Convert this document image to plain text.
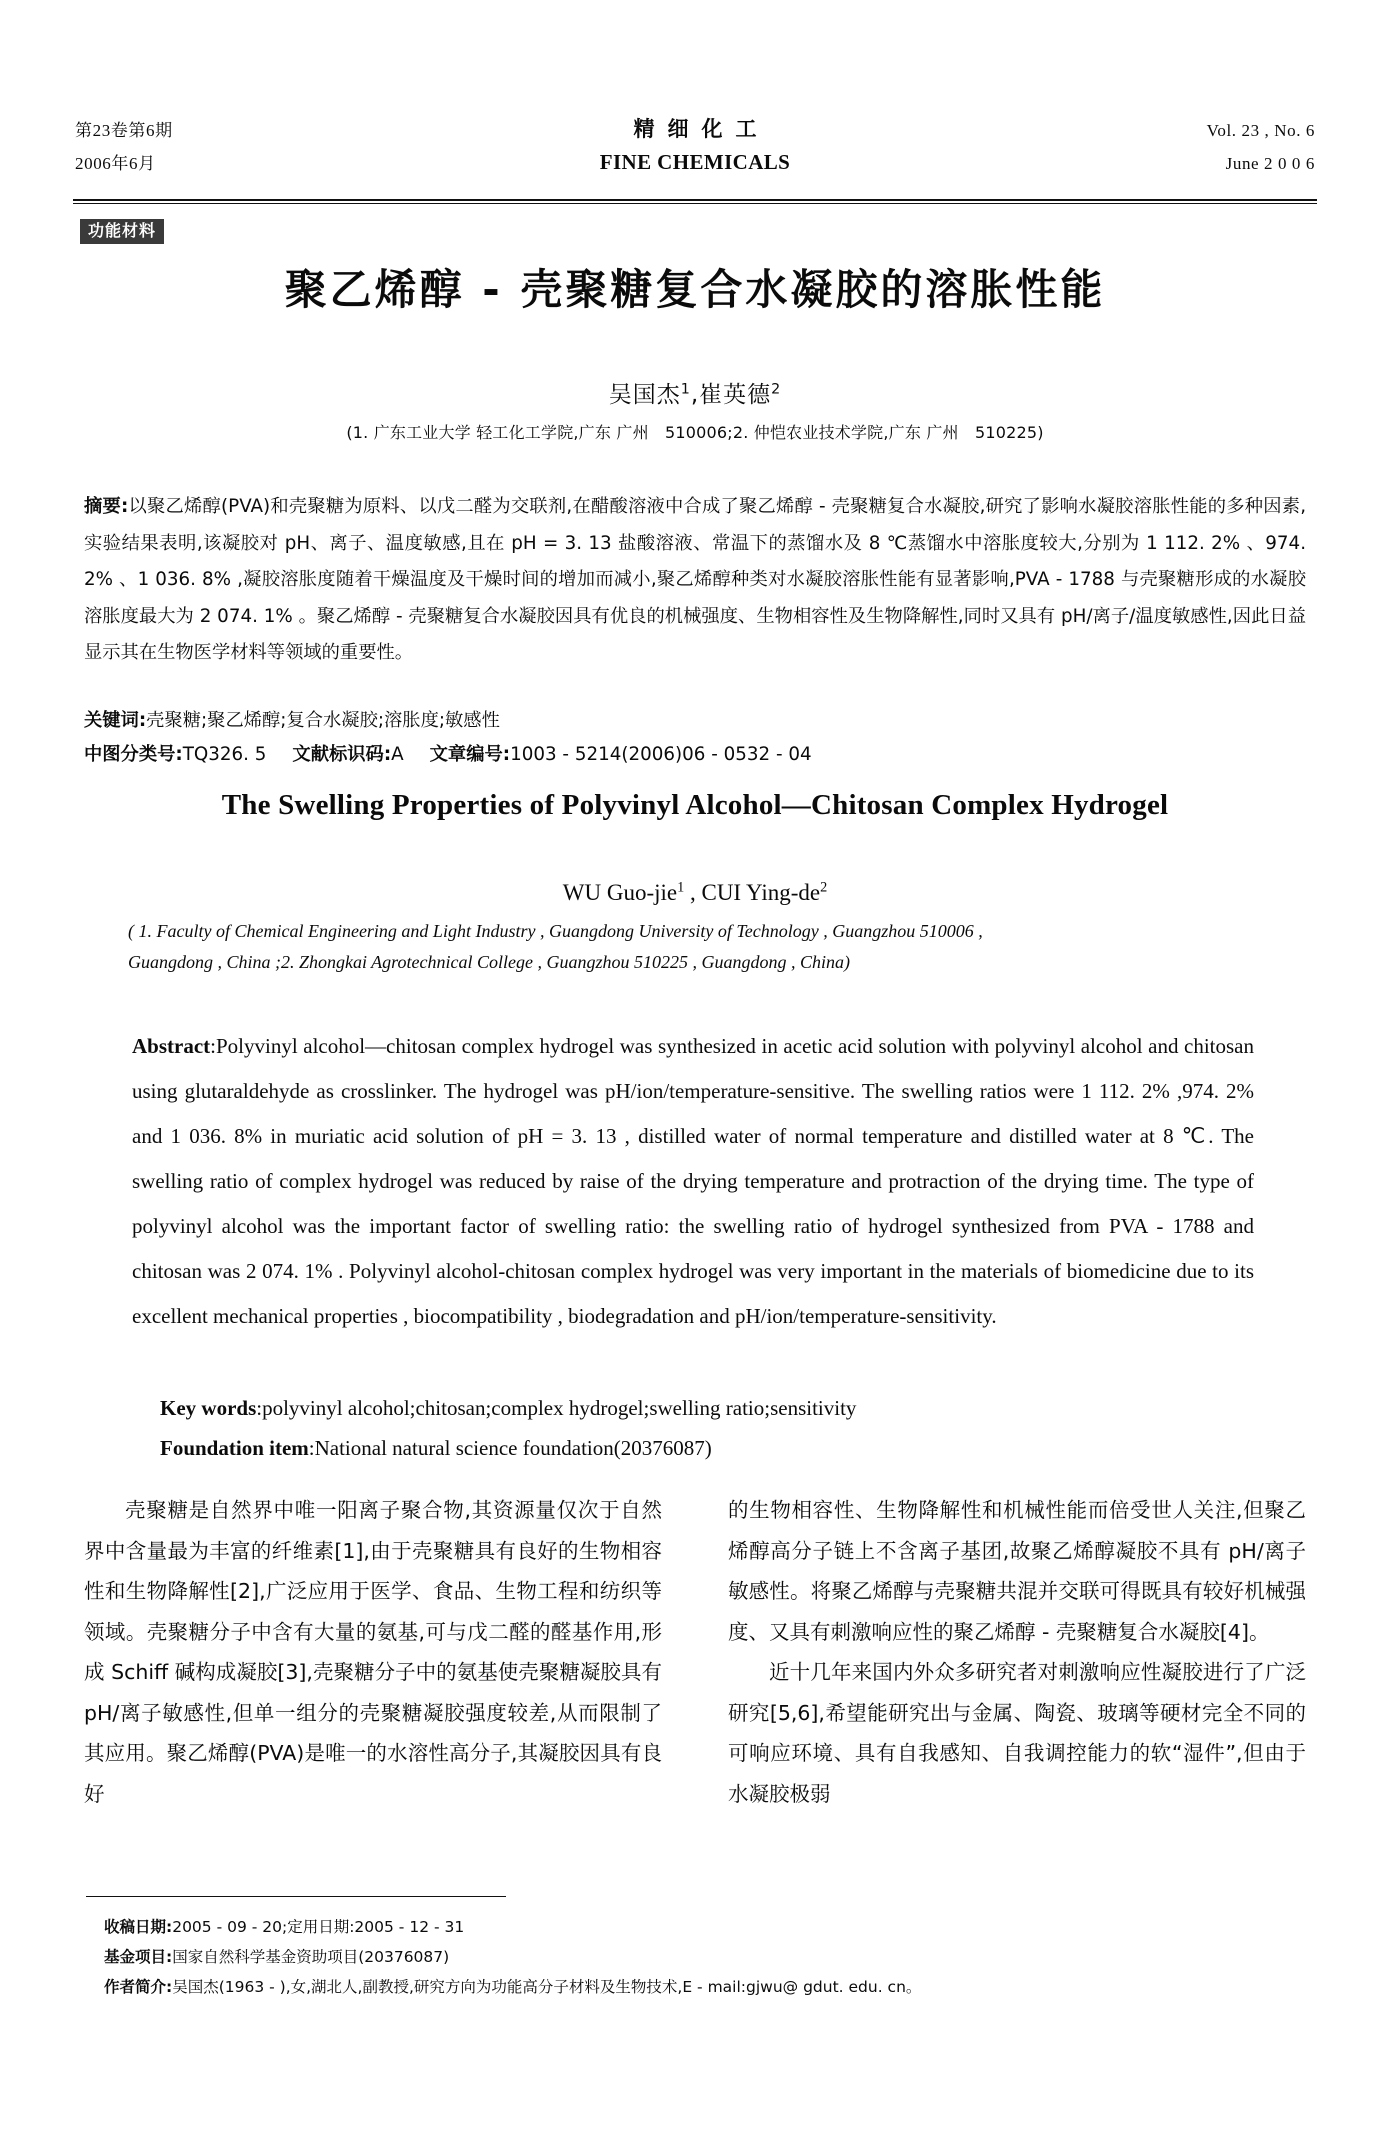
第23卷第6期	精细化工	Vol. 23 , No. 6
2006年6月	FINE CHEMICALS	June 2 0 0 6
功能材料
聚乙烯醇 - 壳聚糖复合水凝胶的溶胀性能
吴国杰$^1$,崔英德$^2$
(1. 广东工业大学 轻工化工学院,广东 广州　510006;2. 仲恺农业技术学院,广东 广州　510225)
摘要:以聚乙烯醇(PVA)和壳聚糖为原料、以戊二醛为交联剂,在醋酸溶液中合成了聚乙烯醇 - 壳聚糖复合水凝胶,研究了影响水凝胶溶胀性能的多种因素,实验结果表明,该凝胶对 pH、离子、温度敏感,且在 pH = 3. 13 盐酸溶液、常温下的蒸馏水及 8 ℃蒸馏水中溶胀度较大,分别为 1 112. 2% 、974. 2% 、1 036. 8% ,凝胶溶胀度随着干燥温度及干燥时间的增加而减小,聚乙烯醇种类对水凝胶溶胀性能有显著影响,PVA - 1788 与壳聚糖形成的水凝胶溶胀度最大为 2 074. 1% 。聚乙烯醇 - 壳聚糖复合水凝胶因具有优良的机械强度、生物相容性及生物降解性,同时又具有 pH/离子/温度敏感性,因此日益显示其在生物医学材料等领域的重要性。
关键词:壳聚糖;聚乙烯醇;复合水凝胶;溶胀度;敏感性
中图分类号:TQ326. 5 文献标识码:A 文章编号:1003 - 5214(2006)06 - 0532 - 04
The Swelling Properties of Polyvinyl Alcohol—Chitosan Complex Hydrogel
WU Guo-jie$^1$ , CUI Ying-$de^2$
( 1. Faculty of Chemical Engineering and Light Industry , Guangdong University of Technology , Guangzhou 510006 ,
Guangdong , China ;2. Zhongkai Agrotechnical College , Guangzhou 510225 , Guangdong , China)
Abstract:Polyvinyl alcohol—chitosan complex hydrogel was synthesized in acetic acid solution with polyvinyl alcohol and chitosan using glutaraldehyde as crosslinker. The hydrogel was pH/ion/temperature-sensitive. The swelling ratios were 1 112. 2% ,974. 2% and 1 036. 8% in muriatic acid solution of pH = 3. 13 , distilled water of normal temperature and distilled water at 8 ℃. The swelling ratio of complex hydrogel was reduced by raise of the drying temperature and protraction of the drying time. The type of polyvinyl alcohol was the important factor of swelling ratio: the swelling ratio of hydrogel synthesized from PVA - 1788 and chitosan was 2 074. 1% . Polyvinyl alcohol-chitosan complex hydrogel was very important in the materials of biomedicine due to its excellent mechanical properties , biocompatibility , biodegradation and pH/ion/temperature-sensitivity.
Key words:polyvinyl alcohol;chitosan;complex hydrogel;swelling ratio;sensitivity
Foundation item:National natural science foundation(20376087)

壳聚糖是自然界中唯一阳离子聚合物,其资源量仅次于自然界中含量最为丰富的纤维素[1],由于壳聚糖具有良好的生物相容性和生物降解性[2],广泛应用于医学、食品、生物工程和纺织等领域。壳聚糖分子中含有大量的氨基,可与戊二醛的醛基作用,形成 Schiff 碱构成凝胶[3],壳聚糖分子中的氨基使壳聚糖凝胶具有 pH/离子敏感性,但单一组分的壳聚糖凝胶强度较差,从而限制了其应用。聚乙烯醇(PVA)是唯一的水溶性高分子,其凝胶因具有良好

的生物相容性、生物降解性和机械性能而倍受世人关注,但聚乙烯醇高分子链上不含离子基团,故聚乙烯醇凝胶不具有 pH/离子敏感性。将聚乙烯醇与壳聚糖共混并交联可得既具有较好机械强度、又具有刺激响应性的聚乙烯醇 - 壳聚糖复合水凝胶[4]。

近十几年来国内外众多研究者对刺激响应性凝胶进行了广泛研究[5,6],希望能研究出与金属、陶瓷、玻璃等硬材完全不同的可响应环境、具有自我感知、自我调控能力的软“湿件”,但由于水凝胶极弱

收稿日期:2005 - 09 - 20;定用日期:2005 - 12 - 31
基金项目:国家自然科学基金资助项目(20376087)
作者简介:吴国杰(1963 - ),女,湖北人,副教授,研究方向为功能高分子材料及生物技术,E - mail:gjwu@ gdut. edu. cn。
